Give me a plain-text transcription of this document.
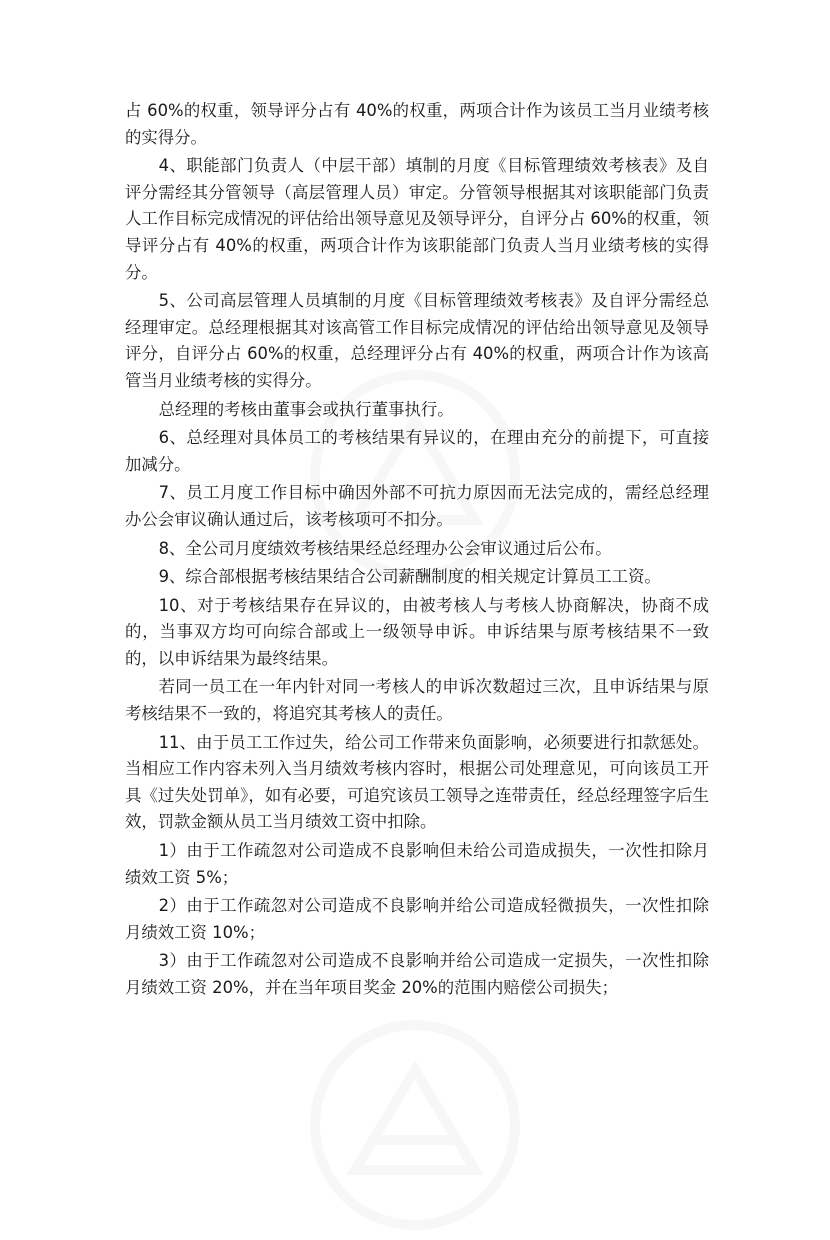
占 60%的权重，领导评分占有 40%的权重，两项合计作为该员工当月业绩考核的实得分。

4、职能部门负责人（中层干部）填制的月度《目标管理绩效考核表》及自评分需经其分管领导（高层管理人员）审定。分管领导根据其对该职能部门负责人工作目标完成情况的评估给出领导意见及领导评分，自评分占 60%的权重，领导评分占有 40%的权重，两项合计作为该职能部门负责人当月业绩考核的实得分。

5、公司高层管理人员填制的月度《目标管理绩效考核表》及自评分需经总经理审定。总经理根据其对该高管工作目标完成情况的评估给出领导意见及领导评分，自评分占 60%的权重，总经理评分占有 40%的权重，两项合计作为该高管当月业绩考核的实得分。

总经理的考核由董事会或执行董事执行。

6、总经理对具体员工的考核结果有异议的，在理由充分的前提下，可直接加减分。

7、员工月度工作目标中确因外部不可抗力原因而无法完成的，需经总经理办公会审议确认通过后，该考核项可不扣分。

8、全公司月度绩效考核结果经总经理办公会审议通过后公布。

9、综合部根据考核结果结合公司薪酬制度的相关规定计算员工工资。

10、对于考核结果存在异议的，由被考核人与考核人协商解决，协商不成的，当事双方均可向综合部或上一级领导申诉。申诉结果与原考核结果不一致的，以申诉结果为最终结果。

若同一员工在一年内针对同一考核人的申诉次数超过三次，且申诉结果与原考核结果不一致的，将追究其考核人的责任。

11、由于员工工作过失，给公司工作带来负面影响，必须要进行扣款惩处。当相应工作内容未列入当月绩效考核内容时，根据公司处理意见，可向该员工开具《过失处罚单》，如有必要，可追究该员工领导之连带责任，经总经理签字后生效，罚款金额从员工当月绩效工资中扣除。

1）由于工作疏忽对公司造成不良影响但未给公司造成损失，一次性扣除月绩效工资 5%；

2）由于工作疏忽对公司造成不良影响并给公司造成轻微损失，一次性扣除月绩效工资 10%；

3）由于工作疏忽对公司造成不良影响并给公司造成一定损失，一次性扣除月绩效工资 20%，并在当年项目奖金 20%的范围内赔偿公司损失；
